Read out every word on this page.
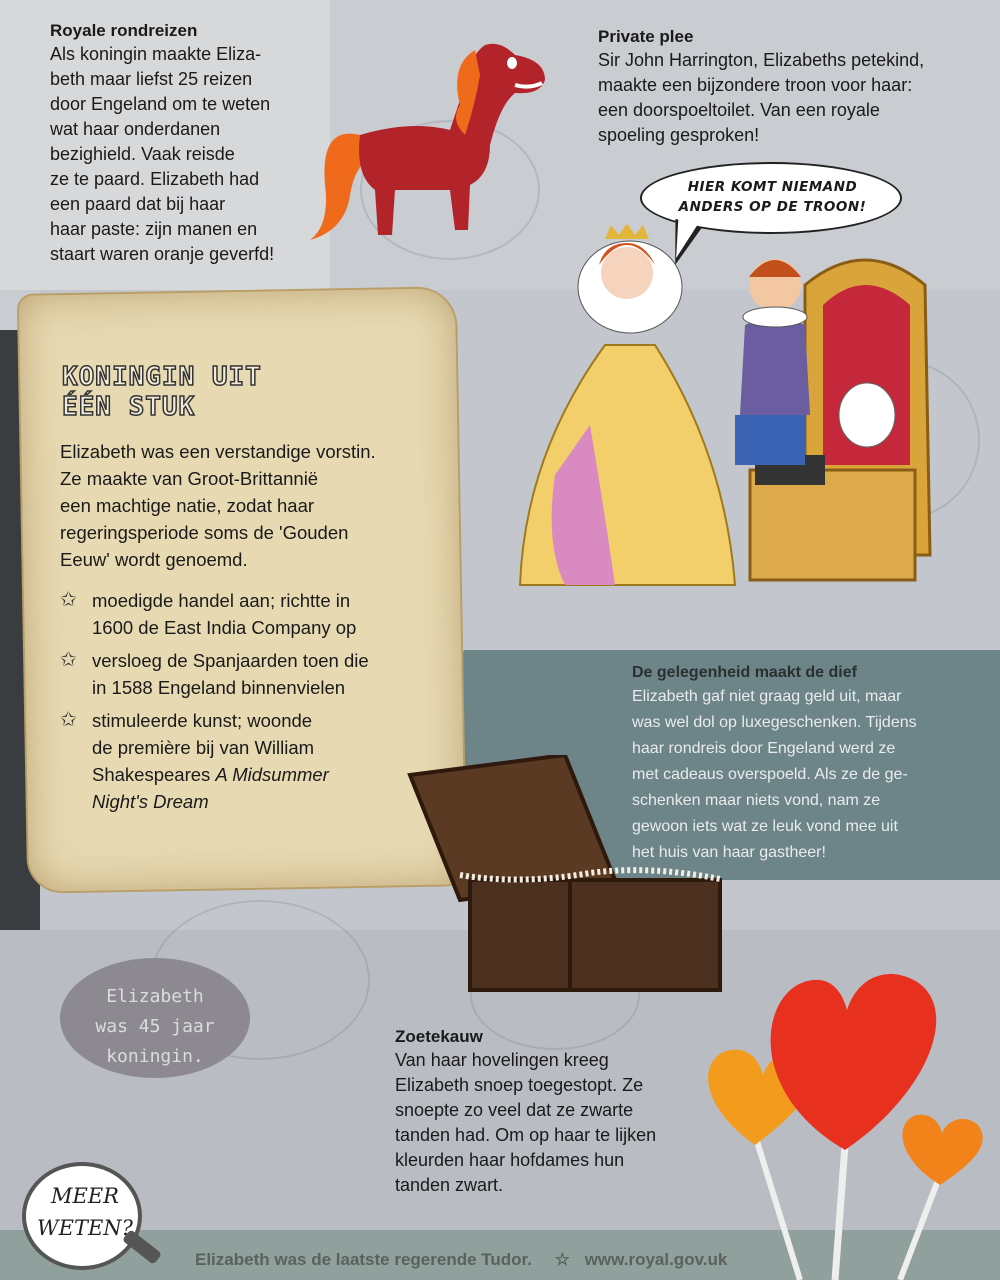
Royale rondreizen
Als koningin maakte Eliza-
beth maar liefst 25 reizen
door Engeland om te weten
wat haar onderdanen
bezighield. Vaak reisde
ze te paard. Elizabeth had
een paard dat bij haar
haar paste: zijn manen en
staart waren oranje geverfd!
Private plee
Sir John Harrington, Elizabeths petekind,
maakte een bijzondere troon voor haar:
een doorspoeltoilet. Van een royale
spoeling gesproken!
HIER KOMT NIEMAND
ANDERS OP DE TROON!
KONINGIN UIT
ÉÉN STUK
Elizabeth was een verstandige vorstin.
Ze maakte van Groot-Brittannië
een machtige natie, zodat haar
regeringsperiode soms de 'Gouden
Eeuw' wordt genoemd.
✩ moedigde handel aan; richtte in
1600 de East India Company op
✩ versloeg de Spanjaarden toen die
in 1588 Engeland binnenvielen
✩ stimuleerde kunst; woonde
de première bij van William
Shakespeares A Midsummer
Night's Dream
De gelegenheid maakt de dief
Elizabeth gaf niet graag geld uit, maar
was wel dol op luxegeschenken. Tijdens
haar rondreis door Engeland werd ze
met cadeaus overspoeld. Als ze de ge-
schenken maar niets vond, nam ze
gewoon iets wat ze leuk vond mee uit
het huis van haar gastheer!
Elizabeth
was 45 jaar
koningin.
Zoetekauw
Van haar hovelingen kreeg
Elizabeth snoep toegestopt. Ze
snoepte zo veel dat ze zwarte
tanden had. Om op haar te lijken
kleurden haar hofdames hun
tanden zwart.
MEER
WETEN?
Elizabeth was de laatste regerende Tudor. ☆ www.royal.gov.uk
